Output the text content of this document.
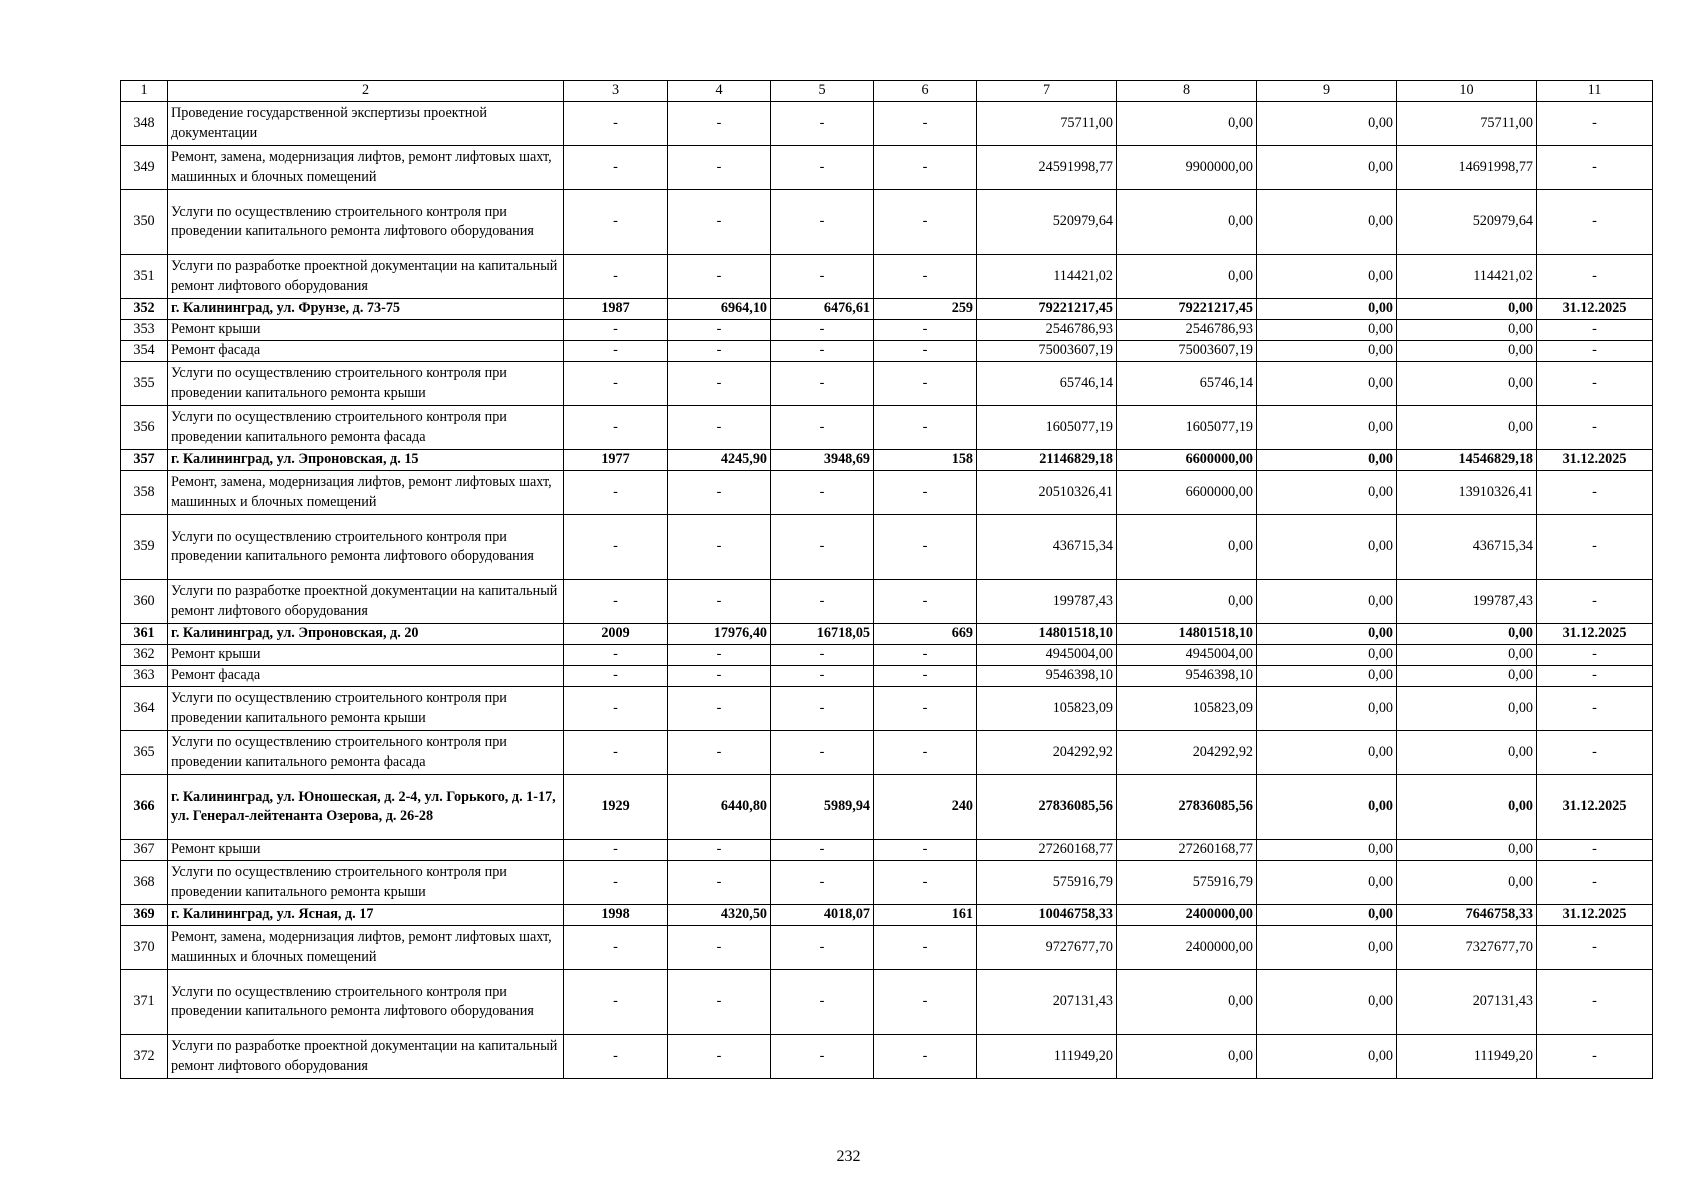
1	2	3	4	5	6	7	8	9	10	11
348	Проведение государственной экспертизы проектной документации	-	-	-	-	75711,00	0,00	0,00	75711,00	-
349	Ремонт, замена, модернизация лифтов, ремонт лифтовых шахт, машинных и блочных помещений	-	-	-	-	24591998,77	9900000,00	0,00	14691998,77	-
350	Услуги по осуществлению строительного контроля при проведении капитального ремонта лифтового оборудования	-	-	-	-	520979,64	0,00	0,00	520979,64	-
351	Услуги по разработке проектной документации на капитальный ремонт лифтового оборудования	-	-	-	-	114421,02	0,00	0,00	114421,02	-
352	г. Калининград, ул. Фрунзе, д. 73-75	1987	6964,10	6476,61	259	79221217,45	79221217,45	0,00	0,00	31.12.2025
353	Ремонт крыши	-	-	-	-	2546786,93	2546786,93	0,00	0,00	-
354	Ремонт фасада	-	-	-	-	75003607,19	75003607,19	0,00	0,00	-
355	Услуги по осуществлению строительного контроля при проведении капитального ремонта крыши	-	-	-	-	65746,14	65746,14	0,00	0,00	-
356	Услуги по осуществлению строительного контроля при проведении капитального ремонта фасада	-	-	-	-	1605077,19	1605077,19	0,00	0,00	-
357	г. Калининград, ул. Эпроновская, д. 15	1977	4245,90	3948,69	158	21146829,18	6600000,00	0,00	14546829,18	31.12.2025
358	Ремонт, замена, модернизация лифтов, ремонт лифтовых шахт, машинных и блочных помещений	-	-	-	-	20510326,41	6600000,00	0,00	13910326,41	-
359	Услуги по осуществлению строительного контроля при проведении капитального ремонта лифтового оборудования	-	-	-	-	436715,34	0,00	0,00	436715,34	-
360	Услуги по разработке проектной документации на капитальный ремонт лифтового оборудования	-	-	-	-	199787,43	0,00	0,00	199787,43	-
361	г. Калининград, ул. Эпроновская, д. 20	2009	17976,40	16718,05	669	14801518,10	14801518,10	0,00	0,00	31.12.2025
362	Ремонт крыши	-	-	-	-	4945004,00	4945004,00	0,00	0,00	-
363	Ремонт фасада	-	-	-	-	9546398,10	9546398,10	0,00	0,00	-
364	Услуги по осуществлению строительного контроля при проведении капитального ремонта крыши	-	-	-	-	105823,09	105823,09	0,00	0,00	-
365	Услуги по осуществлению строительного контроля при проведении капитального ремонта фасада	-	-	-	-	204292,92	204292,92	0,00	0,00	-
366	г. Калининград, ул. Юношеская, д. 2-4, ул. Горького, д. 1-17, ул. Генерал-лейтенанта Озерова, д. 26-28	1929	6440,80	5989,94	240	27836085,56	27836085,56	0,00	0,00	31.12.2025
367	Ремонт крыши	-	-	-	-	27260168,77	27260168,77	0,00	0,00	-
368	Услуги по осуществлению строительного контроля при проведении капитального ремонта крыши	-	-	-	-	575916,79	575916,79	0,00	0,00	-
369	г. Калининград, ул. Ясная, д. 17	1998	4320,50	4018,07	161	10046758,33	2400000,00	0,00	7646758,33	31.12.2025
370	Ремонт, замена, модернизация лифтов, ремонт лифтовых шахт, машинных и блочных помещений	-	-	-	-	9727677,70	2400000,00	0,00	7327677,70	-
371	Услуги по осуществлению строительного контроля при проведении капитального ремонта лифтового оборудования	-	-	-	-	207131,43	0,00	0,00	207131,43	-
372	Услуги по разработке проектной документации на капитальный ремонт лифтового оборудования	-	-	-	-	111949,20	0,00	0,00	111949,20	-
232
